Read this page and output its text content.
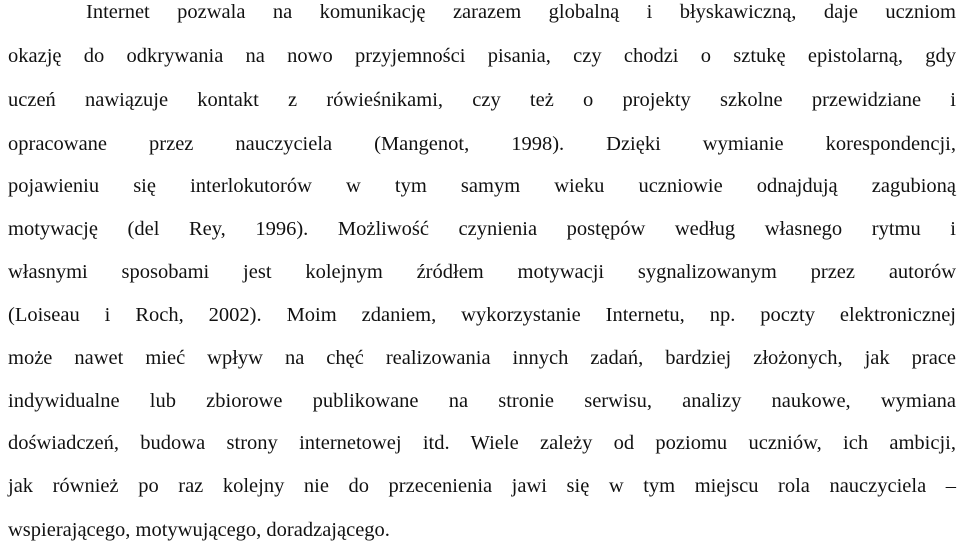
Internet pozwala na komunikację zarazem globalną i błyskawiczną, daje uczniom

okazję do odkrywania na nowo przyjemności pisania, czy chodzi o sztukę epistolarną, gdy

uczeń nawiązuje kontakt z rówieśnikami, czy też o projekty szkolne przewidziane i

opracowane przez nauczyciela (Mangenot, 1998). Dzięki wymianie korespondencji,

pojawieniu się interlokutorów w tym samym wieku uczniowie odnajdują zagubioną

motywację (del Rey, 1996). Możliwość czynienia postępów według własnego rytmu i

własnymi sposobami jest kolejnym źródłem motywacji sygnalizowanym przez autorów

(Loiseau i Roch, 2002). Moim zdaniem, wykorzystanie Internetu, np. poczty elektronicznej

może nawet mieć wpływ na chęć realizowania innych zadań, bardziej złożonych, jak prace

indywidualne lub zbiorowe publikowane na stronie serwisu, analizy naukowe, wymiana

doświadczeń, budowa strony internetowej itd. Wiele zależy od poziomu uczniów, ich ambicji,

jak również po raz kolejny nie do przecenienia jawi się w tym miejscu rola nauczyciela –

wspierającego, motywującego, doradzającego.
